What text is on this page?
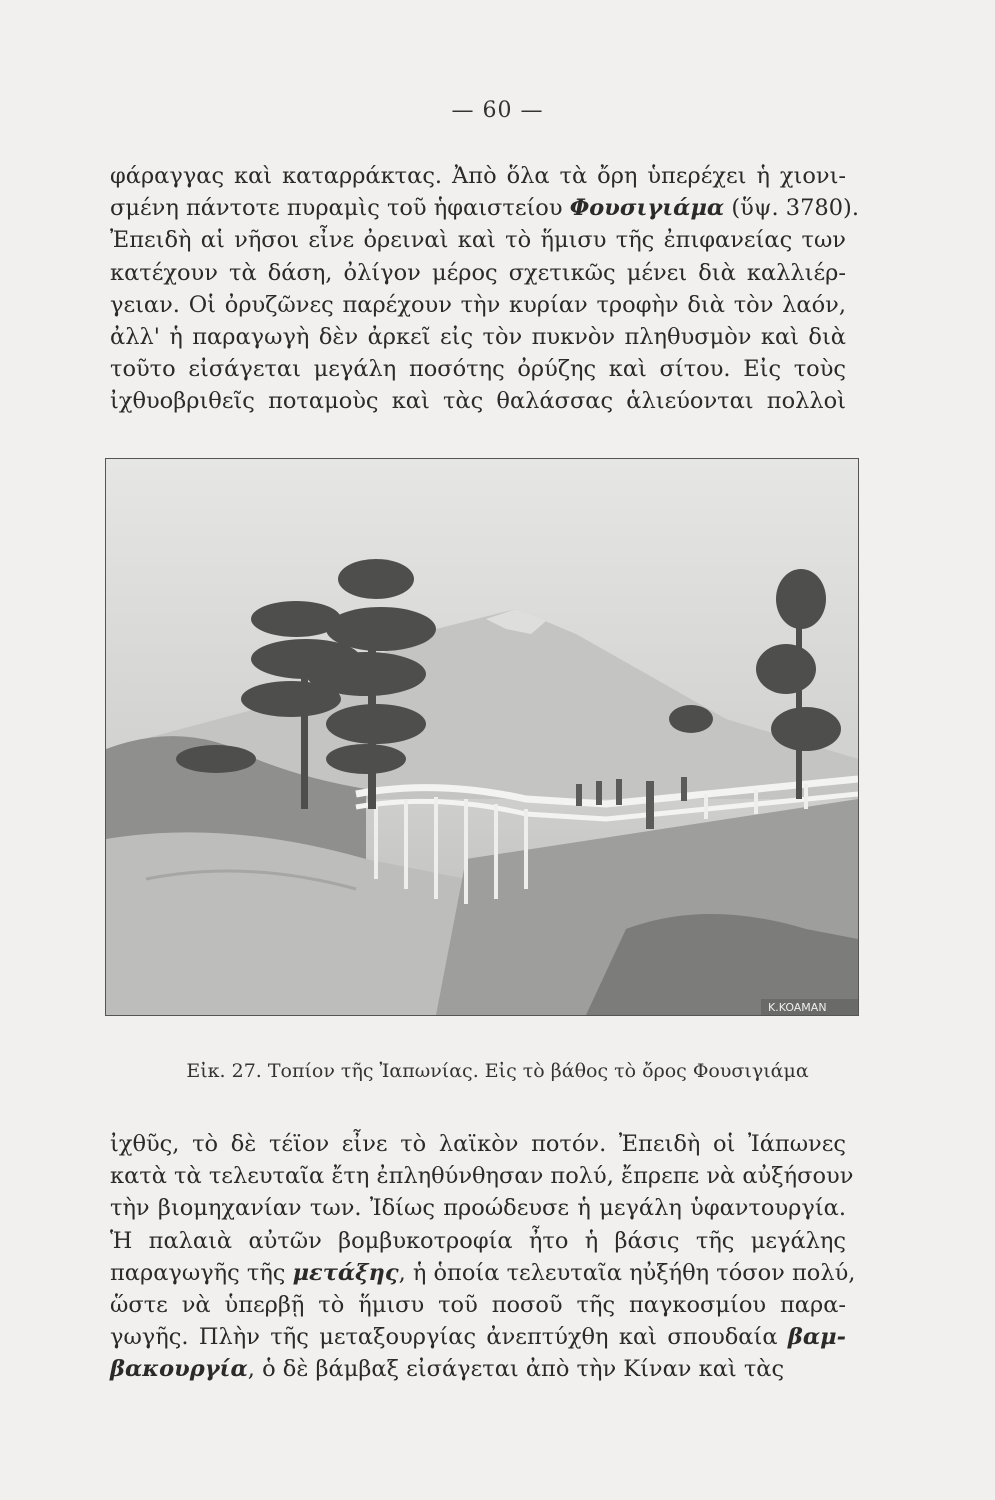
— 60 —
φάραγγας καὶ καταρράκτας. Ἀπὸ ὅλα τὰ ὄρη ὑπερέχει ἡ χιονι-
σμένη πάντοτε πυραμὶς τοῦ ἡφαιστείου Φουσιγιάμα (ὕψ. 3780).
Ἐπειδὴ αἱ νῆσοι εἶνε ὀρειναὶ καὶ τὸ ἥμισυ τῆς ἐπιφανείας των
κατέχουν τὰ δάση, ὀλίγον μέρος σχετικῶς μένει διὰ καλλιέρ-
γειαν. Οἱ ὀρυζῶνες παρέχουν τὴν κυρίαν τροφὴν διὰ τὸν λαόν,
ἀλλ' ἡ παραγωγὴ δὲν ἀρκεῖ εἰς τὸν πυκνὸν πληθυσμὸν καὶ διὰ
τοῦτο εἰσάγεται μεγάλη ποσότης ὀρύζης καὶ σίτου. Εἰς τοὺς
ἰχθυοβριθεῖς ποταμοὺς καὶ τὰς θαλάσσας ἁλιεύονται πολλοὶ
K.KOAMAN
Εἰκ. 27. Τοπίον τῆς Ἰαπωνίας. Εἰς τὸ βάθος τὸ ὄρος Φουσιγιάμα
ἰχθῦς, τὸ δὲ τέϊον εἶνε τὸ λαϊκὸν ποτόν. Ἐπειδὴ οἱ Ἰάπωνες
κατὰ τὰ τελευταῖα ἔτη ἐπληθύνθησαν πολύ, ἔπρεπε νὰ αὐξήσουν
τὴν βιομηχανίαν των. Ἰδίως προώδευσε ἡ μεγάλη ὑφαντουργία.
Ἡ παλαιὰ αὐτῶν βομβυκοτροφία ἦτο ἡ βάσις τῆς μεγάλης
παραγωγῆς τῆς μετάξης, ἡ ὁποία τελευταῖα ηὐξήθη τόσον πολύ,
ὥστε νὰ ὑπερβῇ τὸ ἥμισυ τοῦ ποσοῦ τῆς παγκοσμίου παρα-
γωγῆς. Πλὴν τῆς μεταξουργίας ἀνεπτύχθη καὶ σπουδαία βαμ-
βακουργία, ὁ δὲ βάμβαξ εἰσάγεται ἀπὸ τὴν Κίναν καὶ τὰς
